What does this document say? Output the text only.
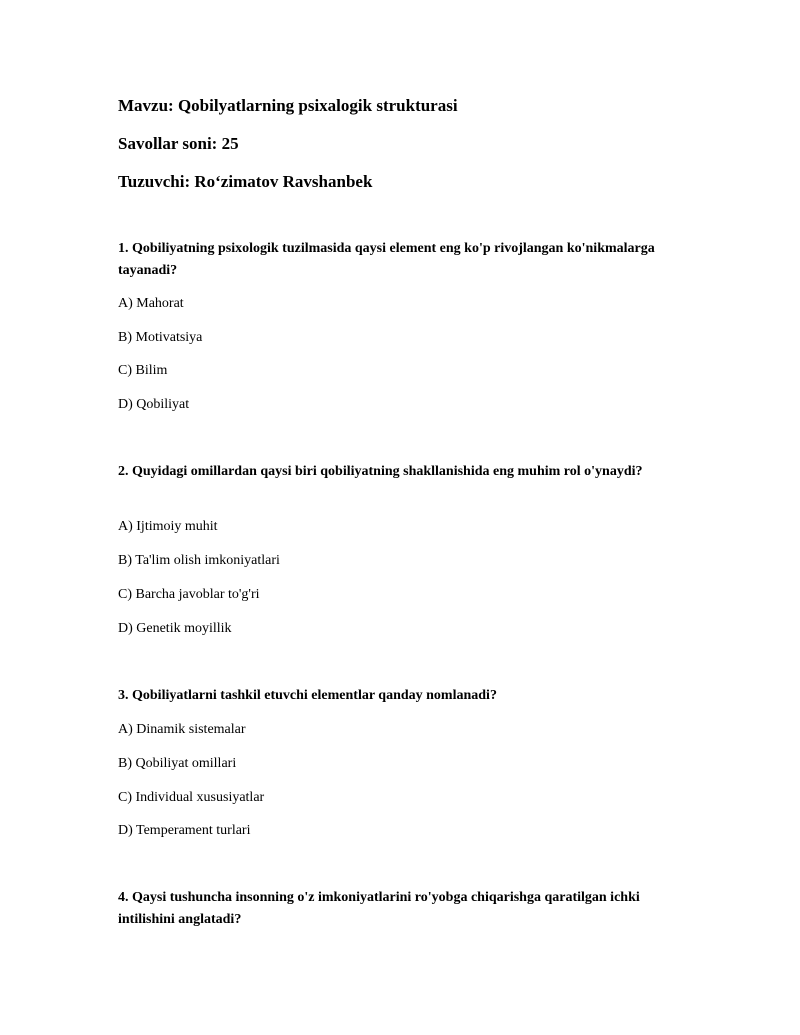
Mavzu: Qobilyatlarning psixalogik strukturasi
Savollar soni: 25
Tuzuvchi: Ro‘zimatov Ravshanbek
1. Qobiliyatning psixologik tuzilmasida qaysi element eng ko'p rivojlangan ko'nikmalarga tayanadi?
A) Mahorat
B) Motivatsiya
C) Bilim
D) Qobiliyat
2. Quyidagi omillardan qaysi biri qobiliyatning shakllanishida eng muhim rol o'ynaydi?
A) Ijtimoiy muhit
B) Ta'lim olish imkoniyatlari
C) Barcha javoblar to'g'ri
D) Genetik moyillik
3. Qobiliyatlarni tashkil etuvchi elementlar qanday nomlanadi?
A) Dinamik sistemalar
B) Qobiliyat omillari
C) Individual xususiyatlar
D) Temperament turlari
4. Qaysi tushuncha insonning o'z imkoniyatlarini ro'yobga chiqarishga qaratilgan ichki intilishini anglatadi?
